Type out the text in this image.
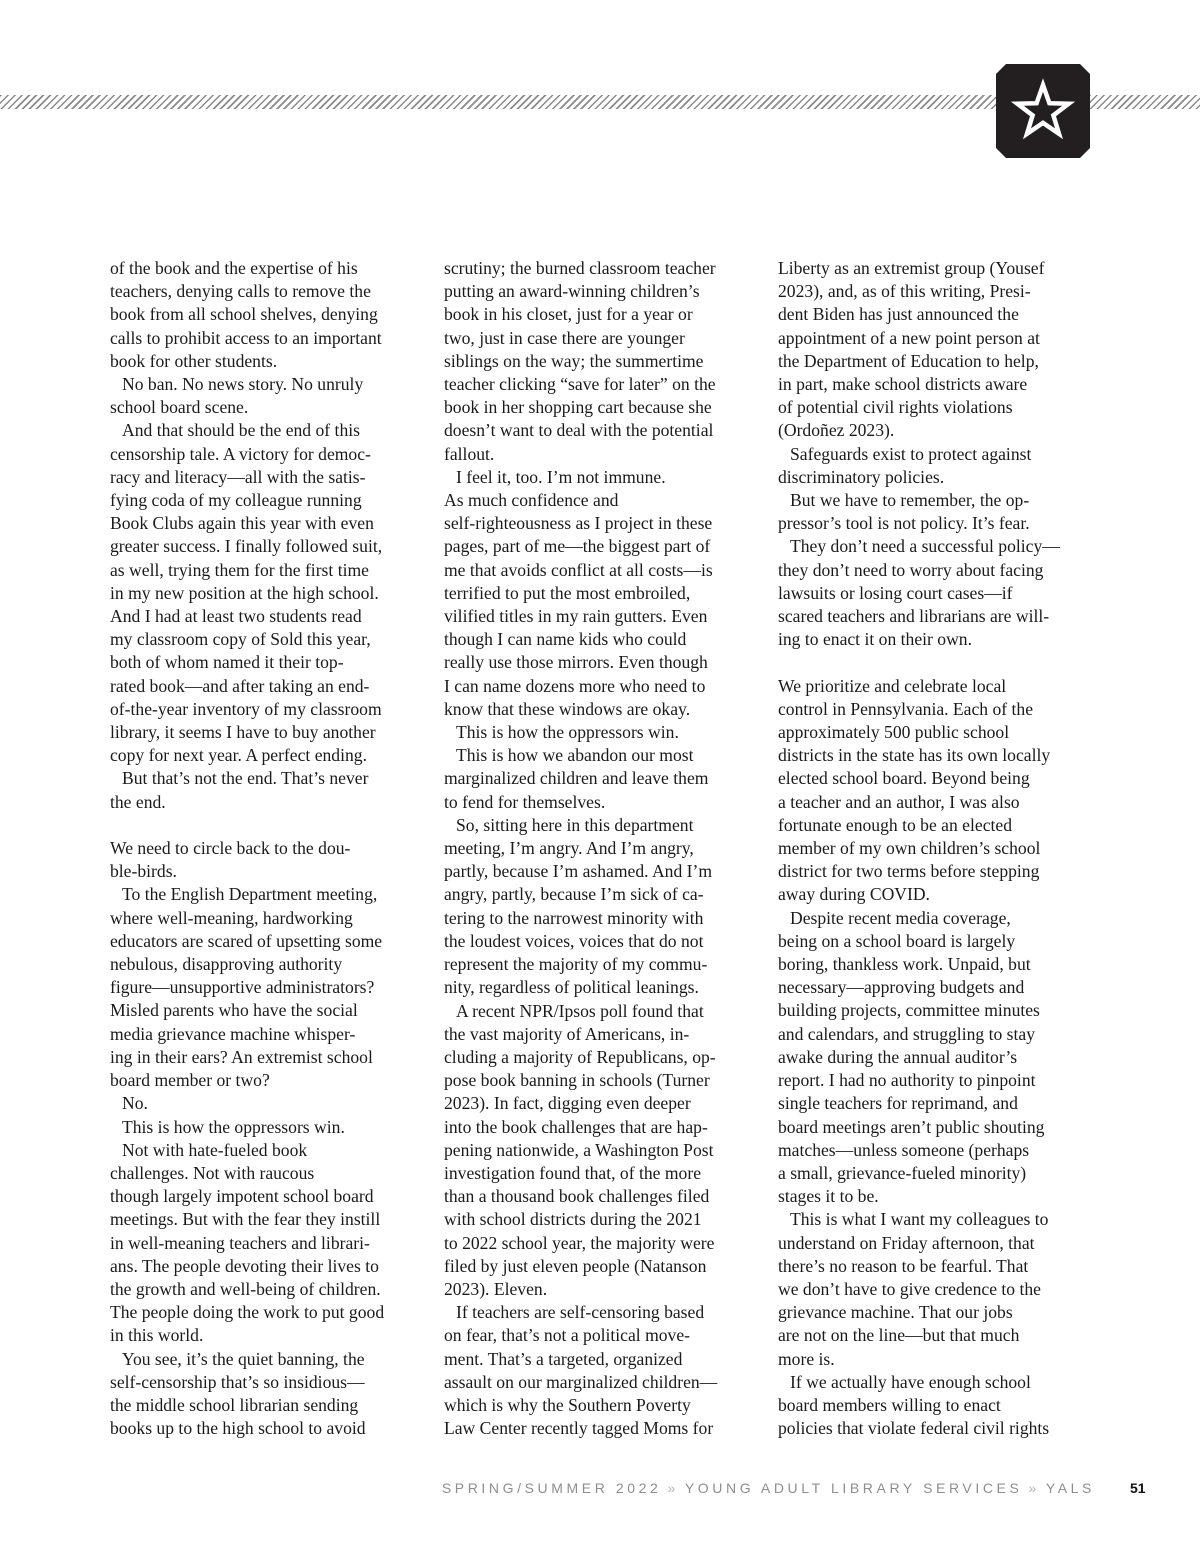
of the book and the expertise of his

teachers, denying calls to remove the

book from all school shelves, denying

calls to prohibit access to an important

book for other students.

No ban. No news story. No unruly

school board scene.

And that should be the end of this

censorship tale. A victory for democ-

racy and literacy—all with the satis-

fying coda of my colleague running

Book Clubs again this year with even

greater success. I finally followed suit,

as well, trying them for the first time

in my new position at the high school.

And I had at least two students read

my classroom copy of Sold this year,

both of whom named it their top-

rated book—and after taking an end-

of-the-year inventory of my classroom

library, it seems I have to buy another

copy for next year. A perfect ending.

But that’s not the end. That’s never

the end.

We need to circle back to the dou-

ble-birds.

To the English Department meeting,

where well-meaning, hardworking

educators are scared of upsetting some

nebulous, disapproving authority

figure—unsupportive administrators?

Misled parents who have the social

media grievance machine whisper-

ing in their ears? An extremist school

board member or two?

No.

This is how the oppressors win.

Not with hate-fueled book

challenges. Not with raucous

though largely impotent school board

meetings. But with the fear they instill

in well-meaning teachers and librari-

ans. The people devoting their lives to

the growth and well-being of children.

The people doing the work to put good

in this world.

You see, it’s the quiet banning, the

self-censorship that’s so insidious—

the middle school librarian sending

books up to the high school to avoid

scrutiny; the burned classroom teacher

putting an award-winning children’s

book in his closet, just for a year or

two, just in case there are younger

siblings on the way; the summertime

teacher clicking “save for later” on the

book in her shopping cart because she

doesn’t want to deal with the potential

fallout.

I feel it, too. I’m not immune.

As much confidence and

self-righteousness as I project in these

pages, part of me—the biggest part of

me that avoids conflict at all costs—is

terrified to put the most embroiled,

vilified titles in my rain gutters. Even

though I can name kids who could

really use those mirrors. Even though

I can name dozens more who need to

know that these windows are okay.

This is how the oppressors win.

This is how we abandon our most

marginalized children and leave them

to fend for themselves.

So, sitting here in this department

meeting, I’m angry. And I’m angry,

partly, because I’m ashamed. And I’m

angry, partly, because I’m sick of ca-

tering to the narrowest minority with

the loudest voices, voices that do not

represent the majority of my commu-

nity, regardless of political leanings.

A recent NPR/Ipsos poll found that

the vast majority of Americans, in-

cluding a majority of Republicans, op-

pose book banning in schools (Turner

2023). In fact, digging even deeper

into the book challenges that are hap-

pening nationwide, a Washington Post

investigation found that, of the more

than a thousand book challenges filed

with school districts during the 2021

to 2022 school year, the majority were

filed by just eleven people (Natanson

2023). Eleven.

If teachers are self-censoring based

on fear, that’s not a political move-

ment. That’s a targeted, organized

assault on our marginalized children—

which is why the Southern Poverty

Law Center recently tagged Moms for

Liberty as an extremist group (Yousef

2023), and, as of this writing, Presi-

dent Biden has just announced the

appointment of a new point person at

the Department of Education to help,

in part, make school districts aware

of potential civil rights violations

(Ordoñez 2023).

Safeguards exist to protect against

discriminatory policies.

But we have to remember, the op-

pressor’s tool is not policy. It’s fear.

They don’t need a successful policy—

they don’t need to worry about facing

lawsuits or losing court cases—if

scared teachers and librarians are will-

ing to enact it on their own.

We prioritize and celebrate local

control in Pennsylvania. Each of the

approximately 500 public school

districts in the state has its own locally

elected school board. Beyond being

a teacher and an author, I was also

fortunate enough to be an elected

member of my own children’s school

district for two terms before stepping

away during COVID.

Despite recent media coverage,

being on a school board is largely

boring, thankless work. Unpaid, but

necessary—approving budgets and

building projects, committee minutes

and calendars, and struggling to stay

awake during the annual auditor’s

report. I had no authority to pinpoint

single teachers for reprimand, and

board meetings aren’t public shouting

matches—unless someone (perhaps

a small, grievance-fueled minority)

stages it to be.

This is what I want my colleagues to

understand on Friday afternoon, that

there’s no reason to be fearful. That

we don’t have to give credence to the

grievance machine. That our jobs

are not on the line—but that much

more is.

If we actually have enough school

board members willing to enact

policies that violate federal civil rights

SPRING/SUMMER 2022 » YOUNG ADULT LIBRARY SERVICES » YALS	51
